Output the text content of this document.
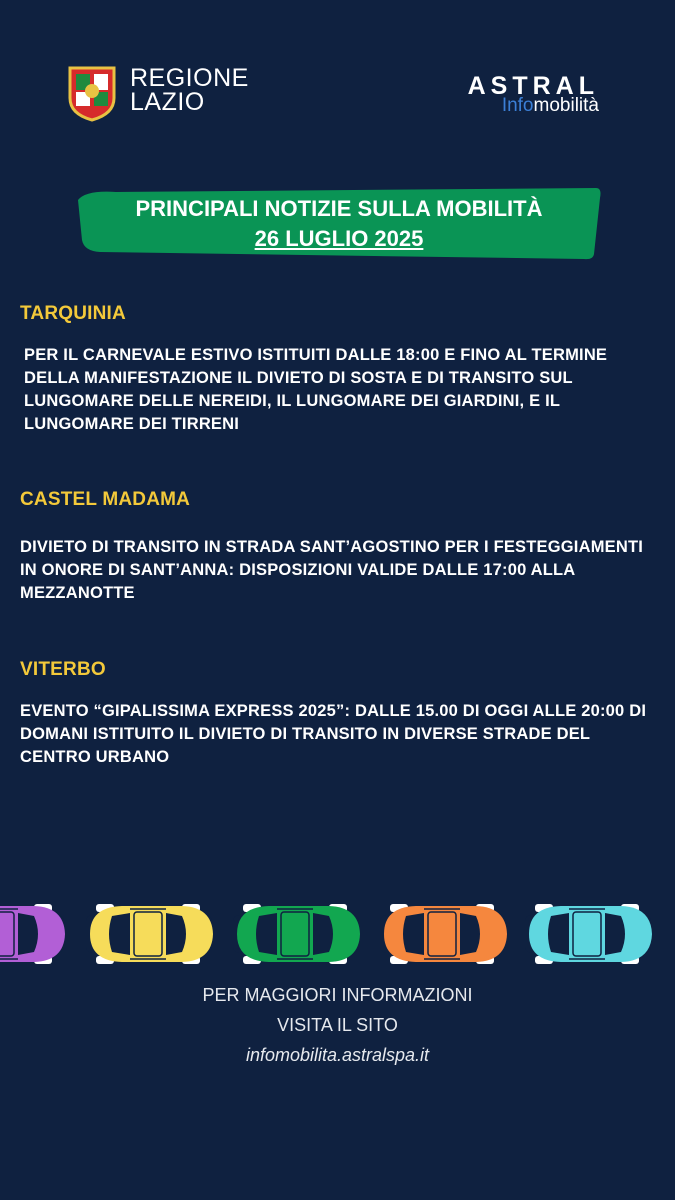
REGIONE
LAZIO
ASTRAL
Infomobilità
PRINCIPALI NOTIZIE SULLA MOBILITÀ
26 LUGLIO 2025
TARQUINIA
PER IL CARNEVALE ESTIVO ISTITUITI DALLE 18:00 E FINO AL TERMINE DELLA MANIFESTAZIONE IL DIVIETO DI SOSTA E DI TRANSITO SUL LUNGOMARE DELLE NEREIDI, IL LUNGOMARE DEI GIARDINI, E IL LUNGOMARE DEI TIRRENI
CASTEL MADAMA
DIVIETO DI TRANSITO IN STRADA SANT’AGOSTINO PER I FESTEGGIAMENTI IN ONORE DI SANT’ANNA: DISPOSIZIONI VALIDE DALLE 17:00 ALLA MEZZANOTTE
VITERBO
EVENTO “GIPALISSIMA EXPRESS 2025”: DALLE 15.00 DI OGGI ALLE 20:00 DI DOMANI ISTITUITO IL DIVIETO DI TRANSITO IN DIVERSE STRADE DEL CENTRO URBANO
PER MAGGIORI INFORMAZIONI
VISITA IL SITO
infomobilita.astralspa.it
